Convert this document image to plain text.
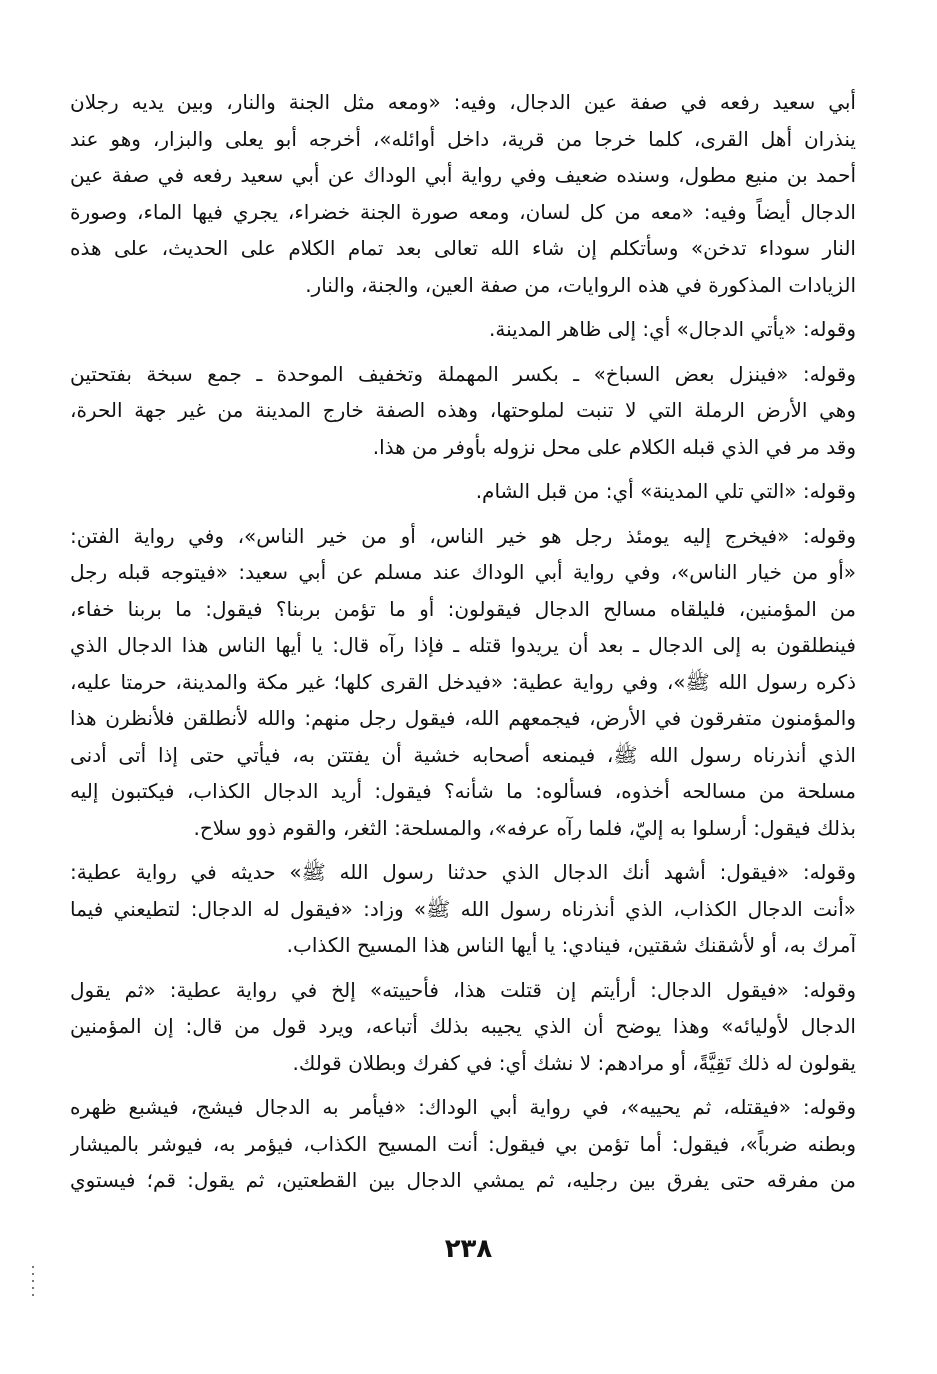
أبي سعيد رفعه في صفة عين الدجال، وفيه: «ومعه مثل الجنة والنار، وبين يديه رجلان
ينذران أهل القرى، كلما خرجا من قرية، داخل أوائله»، أخرجه أبو يعلى والبزار، وهو عند
أحمد بن منيع مطول، وسنده ضعيف وفي رواية أبي الوداك عن أبي سعيد رفعه في صفة عين
الدجال أيضاً وفيه: «معه من كل لسان، ومعه صورة الجنة خضراء، يجري فيها الماء، وصورة
النار سوداء تدخن» وسأتكلم إن شاء الله تعالى بعد تمام الكلام على الحديث، على هذه
الزيادات المذكورة في هذه الروايات، من صفة العين، والجنة، والنار.
وقوله: «يأتي الدجال» أي: إلى ظاهر المدينة.
وقوله: «فينزل بعض السباخ» ـ بكسر المهملة وتخفيف الموحدة ـ جمع سبخة بفتحتين
وهي الأرض الرملة التي لا تنبت لملوحتها، وهذه الصفة خارج المدينة من غير جهة الحرة،
وقد مر في الذي قبله الكلام على محل نزوله بأوفر من هذا.
وقوله: «التي تلي المدينة» أي: من قبل الشام.
وقوله: «فيخرج إليه يومئذ رجل هو خير الناس، أو من خير الناس»، وفي رواية الفتن:
«أو من خيار الناس»، وفي رواية أبي الوداك عند مسلم عن أبي سعيد: «فيتوجه قبله رجل
من المؤمنين، فليلقاه مسالح الدجال فيقولون: أو ما تؤمن بربنا؟ فيقول: ما بربنا خفاء،
فينطلقون به إلى الدجال ـ بعد أن يريدوا قتله ـ فإذا رآه قال: يا أيها الناس هذا الدجال الذي
ذكره رسول الله ﷺ»، وفي رواية عطية: «فيدخل القرى كلها؛ غير مكة والمدينة، حرمتا عليه،
والمؤمنون متفرقون في الأرض، فيجمعهم الله، فيقول رجل منهم: والله لأنطلقن فلأنظرن هذا
الذي أنذرناه رسول الله ﷺ، فيمنعه أصحابه خشية أن يفتتن به، فيأتي حتى إذا أتى أدنى
مسلحة من مسالحه أخذوه، فسألوه: ما شأنه؟ فيقول: أريد الدجال الكذاب، فيكتبون إليه
بذلك فيقول: أرسلوا به إليّ، فلما رآه عرفه»، والمسلحة: الثغر، والقوم ذوو سلاح.
وقوله: «فيقول: أشهد أنك الدجال الذي حدثنا رسول الله ﷺ» حديثه في رواية عطية:
«أنت الدجال الكذاب، الذي أنذرناه رسول الله ﷺ» وزاد: «فيقول له الدجال: لتطيعني فيما
آمرك به، أو لأشقنك شقتين، فينادي: يا أيها الناس هذا المسيح الكذاب.
وقوله: «فيقول الدجال: أرأيتم إن قتلت هذا، فأحييته» إلخ في رواية عطية: «ثم يقول
الدجال لأوليائه» وهذا يوضح أن الذي يجيبه بذلك أتباعه، ويرد قول من قال: إن المؤمنين
يقولون له ذلك تَقِيَّةً، أو مرادهم: لا نشك أي: في كفرك وبطلان قولك.
وقوله: «فيقتله، ثم يحييه»، في رواية أبي الوداك: «فيأمر به الدجال فيشج، فيشبع ظهره
وبطنه ضرباً»، فيقول: أما تؤمن بي فيقول: أنت المسيح الكذاب، فيؤمر به، فيوشر بالميشار
من مفرقه حتى يفرق بين رجليه، ثم يمشي الدجال بين القطعتين، ثم يقول: قم؛ فيستوي
٢٣٨
